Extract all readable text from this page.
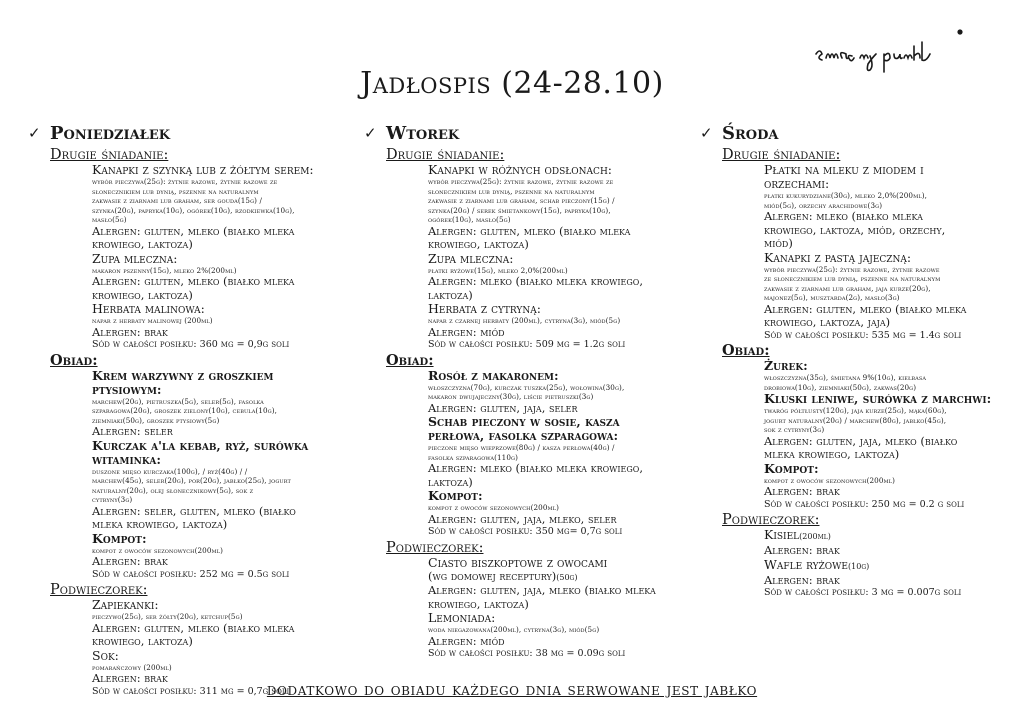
Jadłospis (24-28.10)
✓ Poniedziałek
Drugie śniadanie:
Kanapki z szynką lub z żółtym serem:
wybór pieczywa(25g): żytnie razowe, żytnie razowe ze
słonecznikiem lub dynią, pszenne na naturalnym
zakwasie z ziarnami lub graham, ser gouda(15g) /
szynka(20g), papryka(10g), ogórek(10g), rzodkiewka(10g),
masło(5g)
Alergen: gluten, mleko (białko mleka
krowiego, laktoza)
Zupa mleczna:
makaron pszenny(15g), mleko 2%(200ml)
Alergen: gluten, mleko (białko mleka
krowiego, laktoza)
Herbata malinowa:
napar z herbaty malinowej (200ml)
Alergen: brak
Sód w całości posiłku: 360 mg = 0,9g soli
Obiad:
Krem warzywny z groszkiem
ptysiowym:
marchew(20g), pietruszka(5g), seler(5g), fasolka
szparagowa(20g), groszek zielony(10g), cebula(10g),
ziemniaki(50g), groszek ptysiowy(5g)
Alergen: seler
Kurczak a'la kebab, ryż, surówka
witaminka:
duszone mięso kurczaka(100g), / ryż(40g) / /
marchew(45g), seler(20g), por(20g), jabłko(25g), jogurt
naturalny(20g), olej słonecznikowy(5g), sok z
cytryny(3g)
Alergen: seler, gluten, mleko (białko
mleka krowiego, laktoza)
Kompot:
kompot z owoców sezonowych(200ml)
Alergen: brak
Sód w całości posiłku: 252 mg = 0.5g soli
Podwieczorek:
Zapiekanki:
pieczywo(25g), ser żółty(20g), ketchup(5g)
Alergen: gluten, mleko (białko mleka
krowiego, laktoza)
Sok:
pomarańczowy (200ml)
Alergen: brak
Sód w całości posiłku: 311 mg = 0,7g soli
✓ Wtorek
Drugie śniadanie:
Kanapki w różnych odsłonach:
wybór pieczywa(25g): żytnie razowe, żytnie razowe ze
słonecznikiem lub dynią, pszenne na naturalnym
zakwasie z ziarnami lub graham, schab pieczony(15g) /
szynka(20g) / serek śmietankowy(15g), papryka(10g),
ogórek(10g), masło(5g)
Alergen: gluten, mleko (białko mleka
krowiego, laktoza)
Zupa mleczna:
płatki ryżowe(15g), mleko 2,0%(200ml)
Alergen: mleko (białko mleka krowiego,
laktoza)
Herbata z cytryną:
napar z czarnej herbaty (200ml), cytryna(3g), miód(5g)
Alergen: miód
Sód w całości posiłku: 509 mg = 1.2g soli
Obiad:
Rosół z makaronem:
włoszczyzna(70g), kurczak tuszka(25g), wołowina(30g),
makaron dwujajeczny(30g), liście pietruszki(3g)
Alergen: gluten, jaja, seler
Schab pieczony w sosie, kasza
perłowa, fasolka szparagowa:
pieczone mięso wieprzowe(80g) / kasza perłowa(40g) /
fasolka szparagowa(110g)
Alergen: mleko (białko mleka krowiego,
laktoza)
Kompot:
kompot z owoców sezonowych(200ml)
Alergen: gluten, jaja, mleko, seler
Sód w całości posiłku: 350 mg= 0,7g soli
Podwieczorek:
Ciasto biszkoptowe z owocami
(wg domowej receptury)(50g)
Alergen: gluten, jaja, mleko (białko mleka
krowiego, laktoza)
Lemoniada:
woda niegazowana(200ml), cytryna(3g), miód(5g)
Alergen: miód
Sód w całości posiłku: 38 mg = 0.09g soli
✓ Środa
Drugie śniadanie:
Płatki na mleku z miodem i
orzechami:
płatki kukurydziane(30g), mleko 2,0%(200ml),
miód(5g), orzechy arachidowe(3g)
Alergen: mleko (białko mleka
krowiego, laktoza, miód, orzechy,
miód)
Kanapki z pastą jajeczną:
wybór pieczywa(25g): żytnie razowe, żytnie razowe
ze słonecznikiem lub dynią, pszenne na naturalnym
zakwasie z ziarnami lub graham, jaja kurze(20g),
majonez(5g), musztarda(2g), masło(3g)
Alergen: gluten, mleko (białko mleka
krowiego, laktoza, jaja)
Sód w całości posiłku: 535 mg = 1.4g soli
Obiad:
Żurek:
włoszczyzna(35g), śmietana 9%(10g), kiełbasa
drobiowa(10g), ziemniaki(50g), zakwas(20g)
Kluski leniwe, surówka z marchwi:
twaróg półtłusty(120g), jaja kurze(25g), mąka(60g),
jogurt naturalny(20g) / marchew(80g), jabłko(45g),
sok z cytryny(3g)
Alergen: gluten, jaja, mleko (białko
mleka krowiego, laktoza)
Kompot:
kompot z owoców sezonowych(200ml)
Alergen: brak
Sód w całości posiłku: 250 mg = 0.2 g soli
Podwieczorek:
Kisiel(200ml)
Alergen: brak
Wafle ryżowe(10g)
Alergen: brak
Sód w całości posiłku: 3 mg = 0.007g soli
dodatkowo do obiadu każdego dnia serwowane jest jabłko
